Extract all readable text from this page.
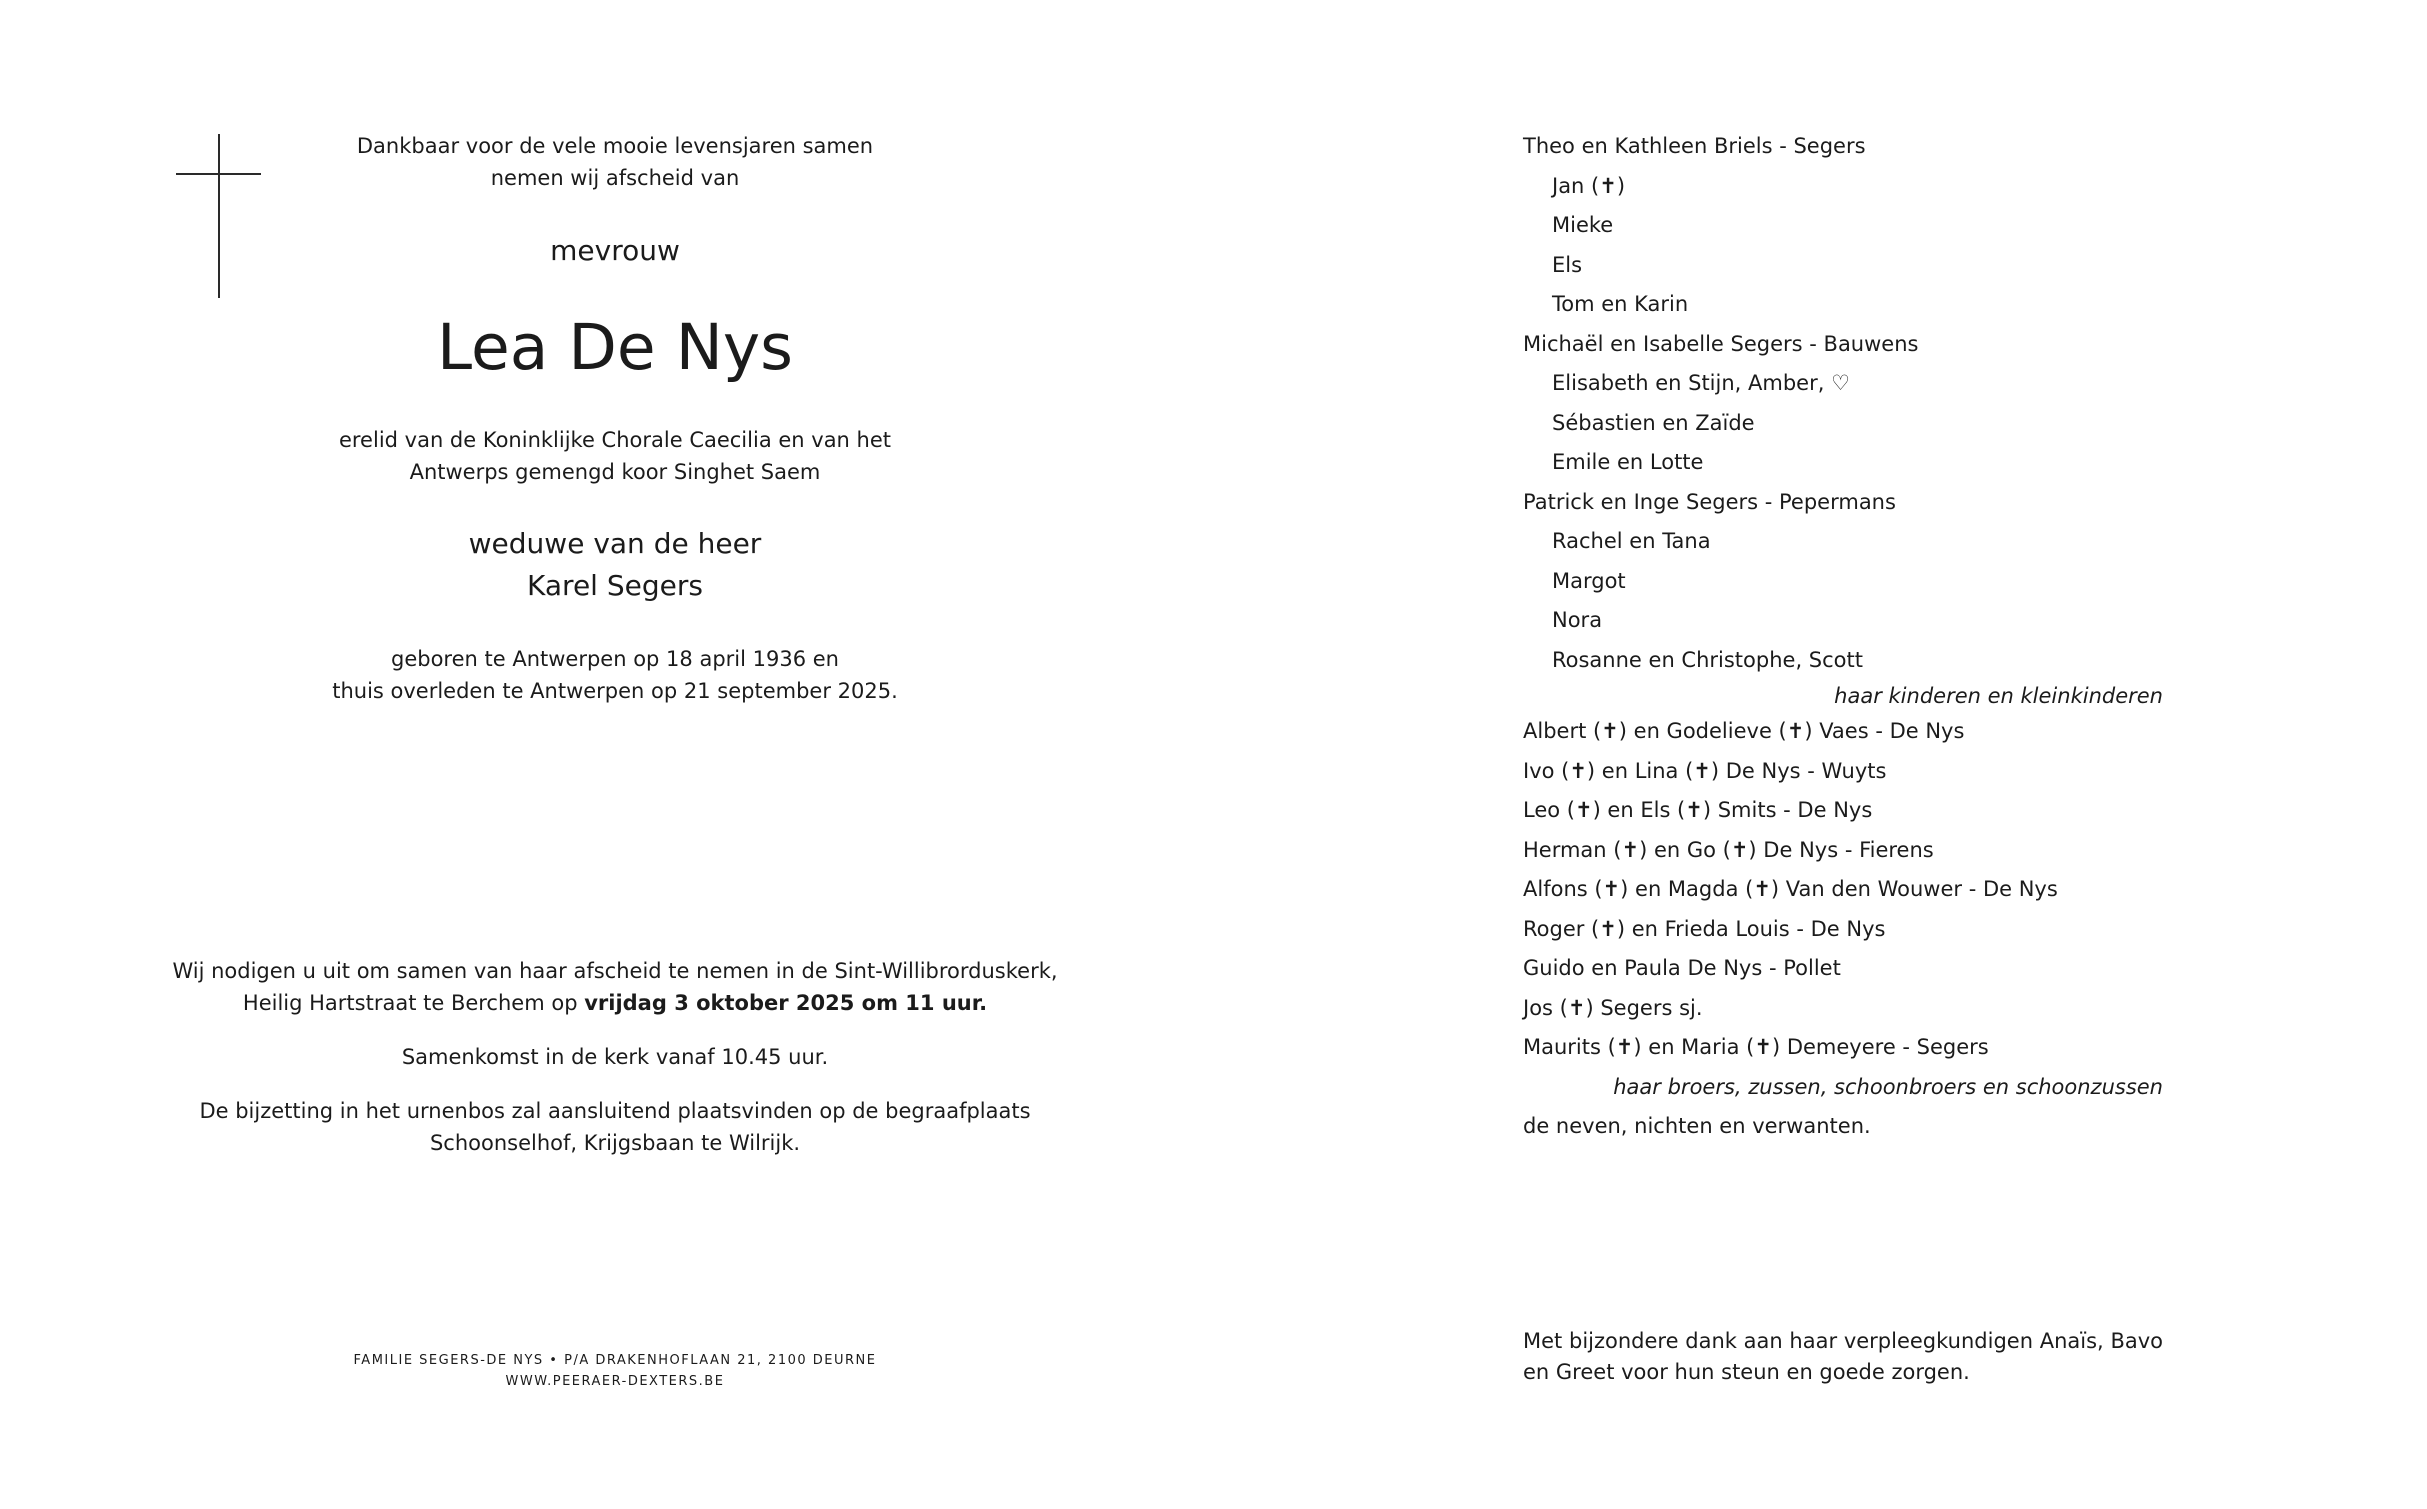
Dankbaar voor de vele mooie levensjaren samen
nemen wij afscheid van
mevrouw
Lea De Nys
erelid van de Koninklijke Chorale Caecilia en van het
Antwerps gemengd koor Singhet Saem
weduwe van de heer
Karel Segers
geboren te Antwerpen op 18 april 1936 en
thuis overleden te Antwerpen op 21 september 2025.
Wij nodigen u uit om samen van haar afscheid te nemen in de Sint-Willibrorduskerk,
Heilig Hartstraat te Berchem op vrijdag 3 oktober 2025 om 11 uur.
Samenkomst in de kerk vanaf 10.45 uur.
De bijzetting in het urnenbos zal aansluitend plaatsvinden op de begraafplaats
Schoonselhof, Krijgsbaan te Wilrijk.
FAMILIE SEGERS-DE NYS • P/A DRAKENHOFLAAN 21, 2100 DEURNE
WWW.PEERAER-DEXTERS.BE
Theo en Kathleen Briels - Segers
Jan (✝)
Mieke
Els
Tom en Karin
Michaël en Isabelle Segers - Bauwens
Elisabeth en Stijn, Amber, ♡
Sébastien en Zaïde
Emile en Lotte
Patrick en Inge Segers - Pepermans
Rachel en Tana
Margot
Nora
Rosanne en Christophe, Scott
haar kinderen en kleinkinderen
Albert (✝) en Godelieve (✝) Vaes - De Nys
Ivo (✝) en Lina (✝) De Nys - Wuyts
Leo (✝) en Els (✝) Smits - De Nys
Herman (✝) en Go (✝) De Nys - Fierens
Alfons (✝) en Magda (✝) Van den Wouwer - De Nys
Roger (✝) en Frieda Louis - De Nys
Guido en Paula De Nys - Pollet
Jos (✝) Segers sj.
Maurits (✝) en Maria (✝) Demeyere - Segers
haar broers, zussen, schoonbroers en schoonzussen
de neven, nichten en verwanten.
Met bijzondere dank aan haar verpleegkundigen Anaïs, Bavo en Greet voor hun steun en goede zorgen.
